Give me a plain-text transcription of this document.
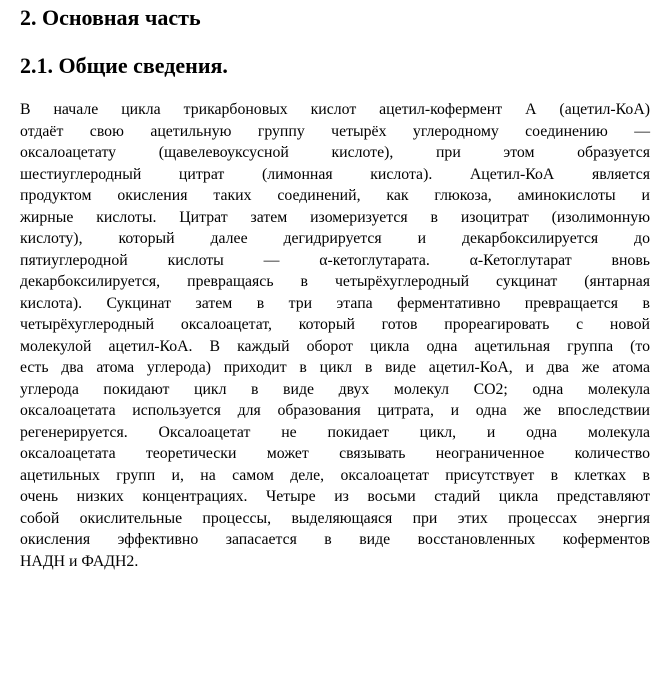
2. Основная часть
2.1. Общие сведения.
В начале цикла трикарбоновых кислот ацетил-кофермент А (ацетил-КоА)
отдаёт свою ацетильную группу четырёх углеродному соединению —
оксалоацетату (щавелевоуксусной кислоте), при этом образуется
шестиуглеродный цитрат (лимонная кислота). Ацетил-КоА является
продуктом окисления таких соединений, как глюкоза, аминокислоты и
жирные кислоты. Цитрат затем изомеризуется в изоцитрат (изолимонную
кислоту), который далее дегидрируется и декарбоксилируется до
пятиуглеродной кислоты — α-кетоглутарата. α-Кетоглутарат вновь
декарбоксилируется, превращаясь в четырёхуглеродный сукцинат (янтарная
кислота). Сукцинат затем в три этапа ферментативно превращается в
четырёхуглеродный оксалоацетат, который готов прореагировать с новой
молекулой ацетил-КоА. В каждый оборот цикла одна ацетильная группа (то
есть два атома углерода) приходит в цикл в виде ацетил-КоА, и два же атома
углерода покидают цикл в виде двух молекул СО2; одна молекула
оксалоацетата используется для образования цитрата, и одна же впоследствии
регенерируется. Оксалоацетат не покидает цикл, и одна молекула
оксалоацетата теоретически может связывать неограниченное количество
ацетильных групп и, на самом деле, оксалоацетат присутствует в клетках в
очень низких концентрациях. Четыре из восьми стадий цикла представляют
собой окислительные процессы, выделяющаяся при этих процессах энергия
окисления эффективно запасается в виде восстановленных коферментов
НАДН и ФАДН2.
